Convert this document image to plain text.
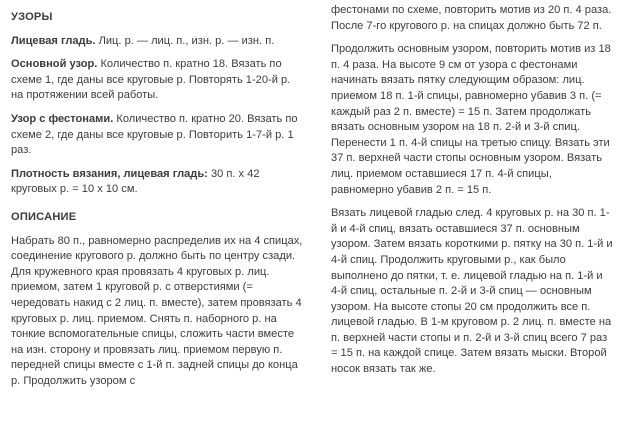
УЗОРЫ

Лицевая гладь. Лиц. р. — лиц. п., изн. р. — изн. п.

Основной узор. Количество п. кратно 18. Вязать по схеме 1, где даны все круговые р. Повторять 1-20-й р. на протяжении всей работы.

Узор с фестонами. Количество п. кратно 20. Вязать по схеме 2, где даны все круговые р. Повторить 1-7-й р. 1 раз.

Плотность вязания, лицевая гладь: 30 п. х 42 круговых р. = 10 х 10 см.

ОПИСАНИЕ

Набрать 80 п., равномерно распределив их на 4 спицах, соединение кругового р. должно быть по центру сзади. Для кружевного края провязать 4 круговых р. лиц. приемом, затем 1 круговой р. с отверстиями (= чередовать накид с 2 лиц. п. вместе), затем провязать 4 круговых р. лиц. приемом. Снять п. наборного р. на тонкие вспомогательные спицы, сложить части вместе на изн. сторону и провязать лиц. приемом первую п. передней спицы вместе с 1-й п. задней спицы до конца р. Продолжить узором с

фестонами по схеме, повторить мотив из 20 п. 4 раза. После 7-го кругового р. на спицах должно быть 72 п.

Продолжить основным узором, повторить мотив из 18 п. 4 раза. На высоте 9 см от узора с фестонами начинать вязать пятку следующим образом: лиц. приемом 18 п. 1-й спицы, равномерно убавив 3 п. (= каждый раз 2 п. вместе) = 15 п. Затем продолжать вязать основным узором на 18 п. 2-й и 3-й спиц. Перенести 1 п. 4-й спицы на третью спицу. Вязать эти 37 п. верхней части стопы основным узором. Вязать лиц. приемом оставшиеся 17 п. 4-й спицы, равномерно убавив 2 п. = 15 п.

Вязать лицевой гладью след. 4 круговых р. на 30 п. 1-й и 4-й спиц, вязать оставшиеся 37 п. основным узором. Затем вязать короткими р. пятку на 30 п. 1-й и 4-й спиц. Продолжить круговыми р., как было выполнено до пятки, т. е. лицевой гладью на п. 1-й и 4-й спиц, остальные п. 2-й и 3-й спиц — основным узором. На высоте стопы 20 см продолжить все п. лицевой гладью. В 1-м круговом р. 2 лиц. п. вместе на п. верхней части стопы и п. 2-й и 3-й спиц всего 7 раз = 15 п. на каждой спице. Затем вязать мыски. Второй носок вязать так же.
